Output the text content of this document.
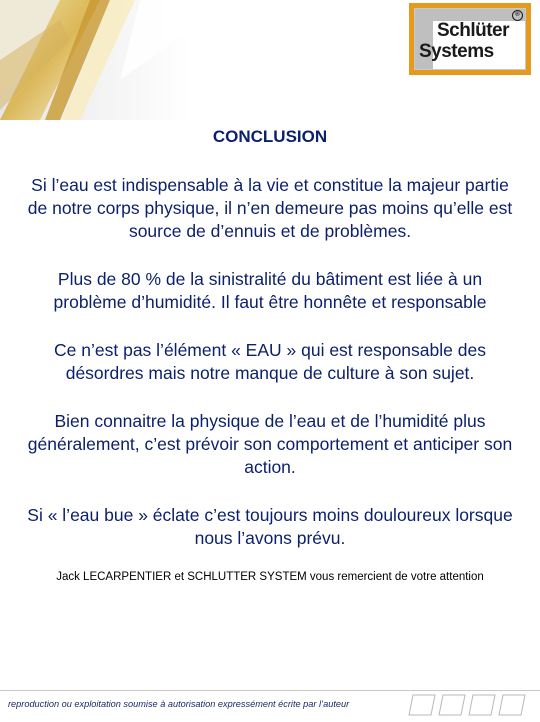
Schlüter
Systems
®

CONCLUSION

Si l’eau est indispensable à la vie et constitue la majeur partie de notre corps physique, il n’en demeure pas moins qu’elle est source de d’ennuis et de problèmes.

Plus de 80 % de la sinistralité du bâtiment est liée à un problème d’humidité. Il faut être honnête et responsable

Ce n’est pas l’élément « EAU » qui est responsable des désordres mais notre manque de culture à son sujet.

Bien connaitre la physique de l’eau et de l’humidité plus généralement, c’est prévoir son comportement et anticiper son action.

Si « l’eau bue » éclate c’est toujours moins douloureux lorsque nous l’avons prévu.

Jack LECARPENTIER et SCHLUTTER SYSTEM vous remercient de votre attention

reproduction ou exploitation soumise à autorisation expressément écrite par l’auteur
